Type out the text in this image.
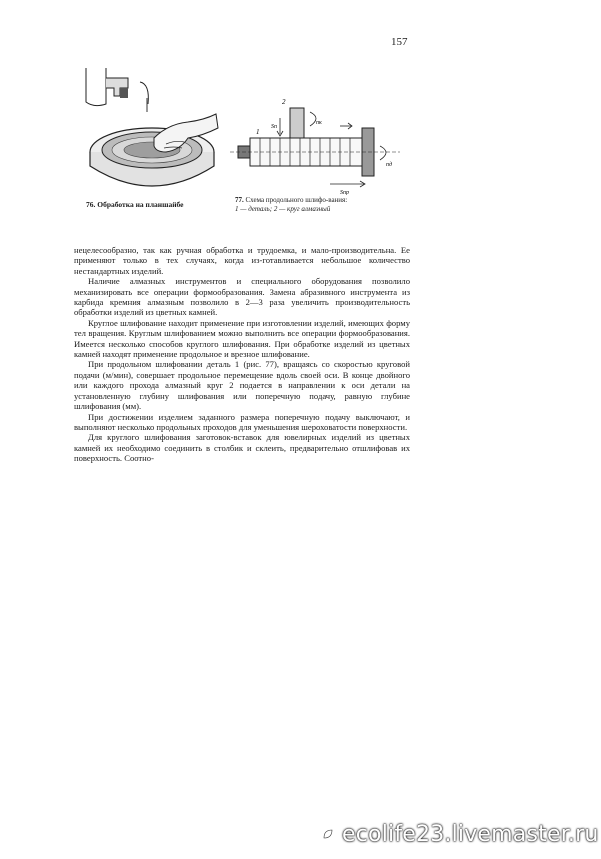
157
76. Обработка на планшайбе
2
1
Sп
Sпр
nк
nд
77. Схема продольного шлифо-вания:
1 — деталь; 2 — круг алмазный

нецелесообразно, так как ручная обработка и трудоемка, и мало-производительна. Ее применяют только в тех случаях, когда из-готавливается небольшое количество нестандартных изделий.

Наличие алмазных инструментов и специального оборудования позволило механизировать все операции формообразования. Замена абразивного инструмента из карбида кремния алмазным позволило в 2—3 раза увеличить производительность обработки изделий из цветных камней.

Круглое шлифование находит применение при изготовлении изделий, имеющих форму тел вращения. Круглым шлифованием можно выполнить все операции формообразования. Имеется несколько способов круглого шлифования. При обработке изделий из цветных камней находят применение продольное и врезное шлифование.

При продольном шлифовании деталь 1 (рис. 77), вращаясь со скоростью круговой подачи (м/мин), совершает продольное перемещение вдоль своей оси. В конце двойного или каждого прохода алмазный круг 2 подается в направлении к оси детали на установленную глубину шлифования или поперечную подачу, равную глубине шлифования (мм).

При достижении изделием заданного размера поперечную подачу выключают, и выполняют несколько продольных проходов для уменьшения шероховатости поверхности.

Для круглого шлифования заготовок-вставок для ювелирных изделий из цветных камней их необходимо соединить в столбик и склеить, предварительно отшлифовав их поверхность. Соотно-

ecolife23.livemaster.ru
